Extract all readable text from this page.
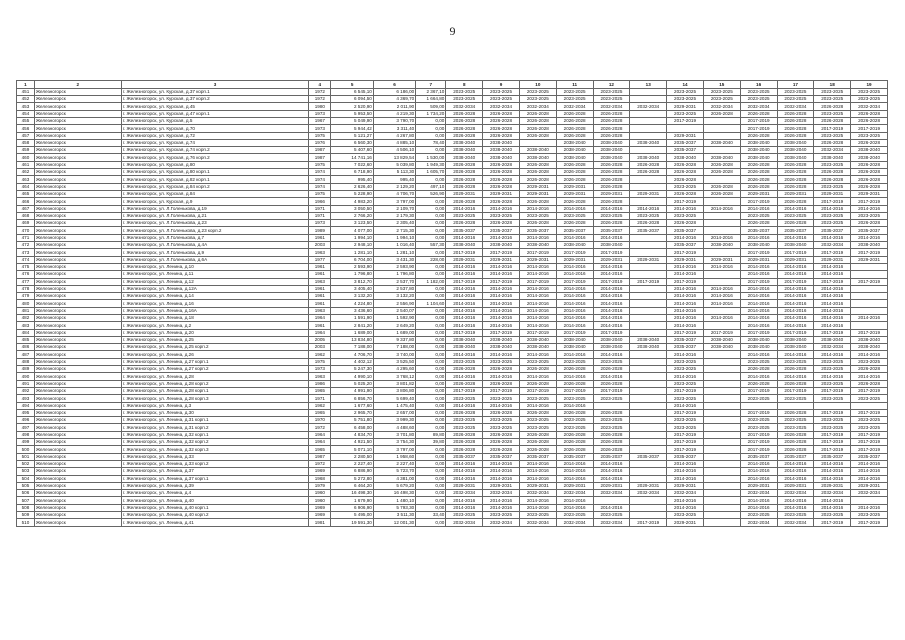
9
1	2	3	4	5	6	7	8	9	10	11	12	13	14	15	16	17	18	19
451	Железногорск	г. Железногорск, ул. Курская, д.37 корп.1	1972	6 545,10	6 186,00	2 367,10	2023-2025	2023-2025	2023-2025	2023-2025	2023-2025		2023-2025	2023-2025	2023-2025	2023-2025	2023-2025	2023-2025
452	Железногорск	г. Железногорск, ул. Курская, д.37 корп.2	1972	6 094,50	4 369,70	1 664,80	2023-2025	2023-2025	2023-2025	2023-2025	2023-2025		2023-2025	2023-2025	2023-2025	2023-2025	2023-2025	2023-2025
453	Железногорск	г. Железногорск, ул. Курская, д.45	1980	2 520,90	2 011,90	509,00	2032-2034	2032-2034	2032-2034	2032-2034	2032-2034	2032-2034	2029-2031	2032-2034	2032-2034	2032-2034	2026-2028	2032-2034
454	Железногорск	г. Железногорск, ул. Курская, д.47 корп.1	1973	5 953,50	4 219,30	1 734,20	2026-2028	2026-2028	2026-2028	2026-2028	2026-2028		2023-2025	2026-2028	2026-2028	2026-2028	2023-2025	2026-2028
455	Железногорск	г. Железногорск, ул. Курская, д.5	1967	5 049,90	3 790,70	0,00	2026-2028	2026-2028	2026-2028	2026-2028	2026-2028		2017-2019		2017-2019	2026-2028	2026-2028	2026-2028
456	Железногорск	г. Железногорск, ул. Курская, д.70	1973	5 944,42	3 311,40	0,00	2026-2028	2026-2028	2026-2028	2026-2028	2026-2028				2017-2019	2026-2028	2017-2019	2017-2019
457	Железногорск	г. Железногорск, ул. Курская, д.72	1975	5 121,27	4 267,80	0,00	2026-2028	2026-2028	2026-2028	2026-2028	2026-2028		2029-2031		2026-2028	2026-2028	2023-2025	2023-2025
458	Железногорск	г. Железногорск, ул. Курская, д.74	1976	6 560,30	4 885,10	78,40	2038-2040	2038-2040		2038-2040	2038-2040	2038-2040	2035-2037	2038-2040	2038-2040	2038-2040	2026-2028	2026-2028
459	Железногорск	г. Железногорск, ул. Курская, д.74 корп.2	1987	5 407,60	4 506,10	0,00	2038-2040	2038-2040	2038-2040	2038-2040	2038-2040		2035-2037		2038-2040	2038-2040	2032-2034	2038-2040
460	Железногорск	г. Железногорск, ул. Курская, д.76 корп.2	1987	14 741,16	13 829,54	1 530,00	2038-2040	2038-2040	2038-2040	2038-2040	2038-2040	2038-2040	2038-2040	2038-2040	2038-2040	2038-2040	2038-2040	2038-2040
461	Железногорск	г. Железногорск, ул. Курская, д.80	1975	7 022,60	5 039,80	1 949,30	2026-2028	2026-2028	2026-2028	2026-2028	2026-2028	2026-2028	2026-2028	2026-2028	2026-2028	2026-2028	2023-2025	2026-2028
462	Железногорск	г. Железногорск, ул. Курская, д.80 корп.1	1974	6 718,90	5 113,30	1 605,70	2026-2028	2026-2028	2026-2028	2026-2028	2026-2028	2026-2028	2026-2028	2026-2028	2026-2028	2026-2028	2026-2028	2026-2028
463	Железногорск	г. Железногорск, ул. Курская, д.82 корп.1	1974	995,40	995,40	0,00	2026-2028	2026-2028	2026-2028	2026-2028	2026-2028		2026-2028		2026-2028	2026-2028	2026-2028	2026-2028
464	Железногорск	г. Железногорск, ул. Курская, д.84 корп.2	1974	2 626,40	2 129,20	497,10	2026-2028	2026-2028	2029-2031	2029-2031	2026-2028		2023-2025	2026-2028	2026-2028	2026-2028	2023-2025	2026-2028
465	Железногорск	г. Железногорск, ул. Курская, д.84	1975	5 228,90	4 706,70	526,90	2029-2031	2029-2031	2029-2031	2029-2031	2029-2031	2029-2031	2026-2028	2026-2028	2029-2031	2029-2031	2029-2031	2029-2031
466	Железногорск	г. Железногорск, ул. Курская, д.9	1966	4 983,20	3 797,00	0,00	2026-2028	2026-2028	2026-2028	2026-2028	2026-2028		2017-2019		2017-2019	2026-2028	2017-2019	2017-2019
467	Железногорск	г. Железногорск, ул. Л.Голенькова, д.19	1971	3 050,50	2 109,70	0,00	2014-2016	2014-2016	2014-2016	2014-2016	2014-2016	2014-2016	2014-2016	2014-2016	2014-2016	2014-2016	2014-2016	2014-2016
468	Железногорск	г. Железногорск, ул. Л.Голенькова, д.21	1971	2 766,20	2 179,30	0,00	2023-2025	2023-2025	2023-2025	2023-2025	2023-2025	2023-2025	2023-2025		2023-2025	2023-2025	2023-2025	2023-2025
469	Железногорск	г. Железногорск, ул. Л.Голенькова, д.23	1973	3 123,50	2 305,40	0,00	2026-2028	2026-2028	2026-2028	2026-2028	2026-2028	2026-2028	2026-2028		2026-2028	2026-2028	2023-2025	2026-2028
470	Железногорск	г. Железногорск, ул. Л.Голенькова, д.23 корп.2	1989	4 077,00	2 715,30	0,00	2035-2037	2035-2037	2035-2037	2035-2037	2035-2037	2035-2037	2035-2037		2035-2037	2035-2037	2035-2037	2035-2037
471	Железногорск	г. Железногорск, ул. Л.Голенькова, д.7	1961	1 994,10	1 994,10	0,00	2014-2016	2014-2016	2014-2016	2014-2016	2014-2016		2014-2016	2014-2016	2014-2016	2014-2016	2014-2016	2014-2016
472	Железногорск	г. Железногорск, ул. Л.Голенькова, д.4А	2003	2 948,10	1 016,40	557,30	2038-2040	2038-2040	2038-2040	2038-2040	2038-2040		2035-2037	2038-2040	2038-2040	2038-2040	2032-2034	2038-2040
473	Железногорск	г. Железногорск, ул. Л.Голенькова, д.9	1963	1 281,10	1 281,10	0,00	2017-2019	2017-2019	2017-2019	2017-2019	2017-2019		2017-2019		2017-2019	2017-2019	2017-2019	2017-2019
474	Железногорск	г. Железногорск, ул. Л.Голенькова, д.6А	1977	6 704,00	3 431,30	228,00	2029-2031	2029-2031	2029-2031	2029-2031	2029-2031	2029-2031	2029-2031	2029-2031	2029-2031	2029-2031	2029-2031	2029-2031
475	Железногорск	г. Железногорск, ул. Ленина, д.10	1961	2 593,90	2 593,90	0,00	2014-2016	2014-2016	2014-2016	2014-2016	2014-2016		2014-2016	2014-2016	2014-2016	2014-2016	2014-2016	
476	Железногорск	г. Железногорск, ул. Ленина, д.11	1961	1 796,80	1 796,80	0,00	2014-2016	2014-2016	2014-2016	2014-2016	2014-2016		2014-2016		2014-2016	2014-2016	2014-2016	
477	Железногорск	г. Железногорск, ул. Ленина, д.12	1963	3 812,70	2 537,70	1 182,00	2017-2019	2017-2019	2017-2019	2017-2019	2017-2019	2017-2019	2017-2019		2017-2019	2017-2019	2017-2019	2017-2019
478	Железногорск	г. Железногорск, ул. Ленина, д.12А	1961	3 405,40	2 537,80	0,00	2014-2016	2014-2016	2014-2016	2014-2016	2014-2016		2014-2016	2014-2016	2014-2016	2014-2016	2014-2016	
479	Железногорск	г. Железногорск, ул. Ленина, д.14	1961	3 132,20	3 132,20	0,00	2014-2016	2014-2016	2014-2016	2014-2016	2014-2016		2014-2016	2014-2016	2014-2016	2014-2016	2014-2016	
480	Железногорск	г. Железногорск, ул. Ленина, д.16	1961	4 224,80	2 556,90	1 104,60	2014-2016	2014-2016	2014-2016	2014-2016	2014-2016		2014-2016	2014-2016	2014-2016	2014-2016	2014-2016	
481	Железногорск	г. Железногорск, ул. Ленина, д.16А	1963	3 436,60	2 540,07	0,00	2014-2016	2014-2016	2014-2016	2014-2016	2014-2016		2014-2016		2014-2016	2014-2016	2014-2016	
482	Железногорск	г. Железногорск, ул. Ленина, д.18	1964	1 591,90	1 592,90	0,00	2014-2016	2014-2016	2014-2016	2014-2016	2014-2016		2014-2016	2014-2016	2014-2016	2014-2016	2014-2016	2014-2016
483	Железногорск	г. Железногорск, ул. Ленина, д.2	1961	2 841,20	2 649,20	0,00	2014-2016	2014-2016	2014-2016	2014-2016	2014-2016		2014-2016		2014-2016	2014-2016	2014-2016	
484	Железногорск	г. Железногорск, ул. Ленина, д.20	1964	1 689,00	1 689,00	0,00	2017-2019	2017-2019	2017-2019	2017-2019	2017-2019		2017-2019	2017-2019	2017-2019	2017-2019	2017-2019	2017-2019
485	Железногорск	г. Железногорск, ул. Ленина, д.25	2005	13 834,80	9 337,80	0,00	2038-2040	2038-2040	2038-2040	2038-2040	2038-2040	2038-2040	2035-2037	2038-2040	2038-2040	2038-2040	2038-2040	2038-2040
486	Железногорск	г. Железногорск, ул. Ленина, д.25 корп.2	2003	7 188,00	7 188,00	0,00	2038-2040	2038-2040	2038-2040	2038-2040	2038-2040	2038-2040	2035-2037	2038-2040	2038-2040	2038-2040	2032-2034	2038-2040
487	Железногорск	г. Железногорск, ул. Ленина, д.26	1962	4 706,70	3 740,00	0,00	2014-2016	2014-2016	2014-2016	2014-2016	2014-2016		2014-2016		2014-2016	2014-2016	2014-2016	2014-2016
488	Железногорск	г. Железногорск, ул. Ленина, д.27 корп.1	1975	4 402,12	3 525,50	0,00	2023-2025	2023-2025	2023-2025	2023-2025	2023-2025		2023-2025		2023-2025	2023-2025	2023-2025	2023-2025
489	Железногорск	г. Железногорск, ул. Ленина, д.27 корп.2	1973	5 247,30	4 295,60	0,00	2026-2028	2026-2028	2026-2028	2026-2028	2026-2028		2023-2025		2026-2028	2026-2028	2023-2025	2026-2028
490	Железногорск	г. Железногорск, ул. Ленина, д.28	1963	4 990,10	3 768,12	0,00	2014-2016	2014-2016	2014-2016	2014-2016	2014-2016		2014-2016		2014-2016	2014-2016	2014-2016	2014-2016
491	Железногорск	г. Железногорск, ул. Ленина, д.28 корп.2	1986	5 025,20	3 801,82	0,00	2026-2028	2026-2028	2026-2028	2026-2028	2026-2028		2023-2025		2026-2028	2026-2028	2023-2025	2026-2028
492	Железногорск	г. Железногорск, ул. Ленина, д.28 корп.1	1965	4 991,90	3 806,80	0,00	2017-2019	2017-2019	2017-2019	2017-2019	2017-2019		2017-2019		2017-2019	2017-2019	2017-2019	2017-2019
493	Железногорск	г. Железногорск, ул. Ленина, д.28 корп.3	1971	6 856,70	5 699,40	0,00	2023-2025	2023-2025	2023-2025	2023-2025	2023-2025		2023-2025		2023-2025	2023-2025	2023-2025	2023-2025
494	Железногорск	г. Железногорск, ул. Ленина, д.3	1962	1 677,60	1 475,40	0,00	2014-2016	2014-2016	2014-2016	2014-2016			2014-2016					
495	Железногорск	г. Железногорск, ул. Ленина, д.30	1965	2 965,70	2 657,00	0,00	2026-2028	2026-2028	2026-2028	2026-2028	2026-2028		2017-2019		2017-2019	2026-2028	2017-2019	2017-2019
496	Железногорск	г. Железногорск, ул. Ленина, д.31 корп.1	1970	5 751,80	3 999,30	0,00	2023-2025	2023-2025	2023-2025	2023-2025	2023-2025		2023-2025		2023-2025	2023-2025	2023-2025	2023-2025
497	Железногорск	г. Железногорск, ул. Ленина, д.31 корп.2	1972	6 458,00	4 488,60	0,00	2023-2025	2023-2025	2023-2025	2023-2025	2023-2025		2023-2025		2023-2025	2023-2025	2023-2025	2023-2025
498	Железногорск	г. Железногорск, ул. Ленина, д.32 корп.1	1964	4 834,70	3 701,80	89,80	2026-2028	2026-2028	2026-2028	2026-2028	2026-2028		2017-2019		2017-2019	2026-2028	2017-2019	2017-2019
499	Железногорск	г. Железногорск, ул. Ленина, д.32 корп.2	1964	4 921,50	3 754,30	39,80	2026-2028	2026-2028	2026-2028	2026-2028	2026-2028		2017-2019		2017-2019	2026-2028	2017-2019	2017-2019
500	Железногорск	г. Железногорск, ул. Ленина, д.32 корп.3	1965	5 071,10	3 797,00	0,00	2026-2028	2026-2028	2026-2028	2026-2028	2026-2028		2017-2019		2017-2019	2026-2028	2017-2019	2017-2019
501	Железногорск	г. Железногорск, ул. Ленина, д.33	1987	2 280,50	1 958,60	0,00	2035-2037	2035-2037	2035-2037	2035-2037	2035-2037	2035-2037	2035-2037		2035-2037	2035-2037	2035-2037	2035-2037
502	Железногорск	г. Железногорск, ул. Ленина, д.33 корп.2	1972	2 227,40	2 227,40	0,00	2014-2016	2014-2016	2014-2016	2014-2016	2014-2016		2014-2016		2014-2016	2014-2016	2014-2016	2014-2016
503	Железногорск	г. Железногорск, ул. Ленина, д.37	1969	6 886,90	5 723,70	0,00	2014-2016	2014-2016	2014-2016	2014-2016	2014-2016		2014-2016		2014-2016	2014-2016	2014-2016	2014-2016
504	Железногорск	г. Железногорск, ул. Ленина, д.37 корп.1	1968	5 272,80	4 381,00	0,00	2014-2016	2014-2016	2014-2016	2014-2016	2014-2016		2014-2016		2014-2016	2014-2016	2014-2016	2014-2016
505	Железногорск	г. Железногорск, ул. Ленина, д.39	1979	6 464,20	5 679,20	0,00	2029-2031	2029-2031	2029-2031	2029-2031	2029-2031	2029-2031	2029-2031		2029-2031	2029-2031	2029-2031	2029-2031
506	Железногорск	г. Железногорск, ул. Ленина, д.4	1960	16 498,30	16 498,30	0,00	2032-2034	2032-2034	2032-2034	2032-2034	2032-2034	2032-2034	2032-2034		2032-2034	2032-2034	2032-2034	2032-2034
507	Железногорск	г. Железногорск, ул. Ленина, д.40	1960	1 679,90	1 480,10	0,00	2014-2016	2014-2016	2014-2016	2014-2016			2014-2016		2014-2016	2014-2016	2014-2016	
508	Железногорск	г. Железногорск, ул. Ленина, д.40 корп.1	1969	6 906,90	5 793,30	0,00	2014-2016	2014-2016	2014-2016	2014-2016	2014-2016		2014-2016		2014-2016	2014-2016	2014-2016	2014-2016
509	Железногорск	г. Железногорск, ул. Ленина, д.40 корп.2	1969	5 495,00	3 511,30	33,40	2023-2025	2023-2025	2023-2025	2023-2025	2023-2025		2023-2025		2023-2025	2023-2025	2023-2025	2023-2025
510	Железногорск	г. Железногорск, ул. Ленина, д.41	1981	19 591,30	12 001,30	0,00	2032-2034	2032-2034	2032-2034	2032-2034	2032-2034	2017-2019	2029-2031		2032-2034	2032-2034	2017-2019	2017-2019
